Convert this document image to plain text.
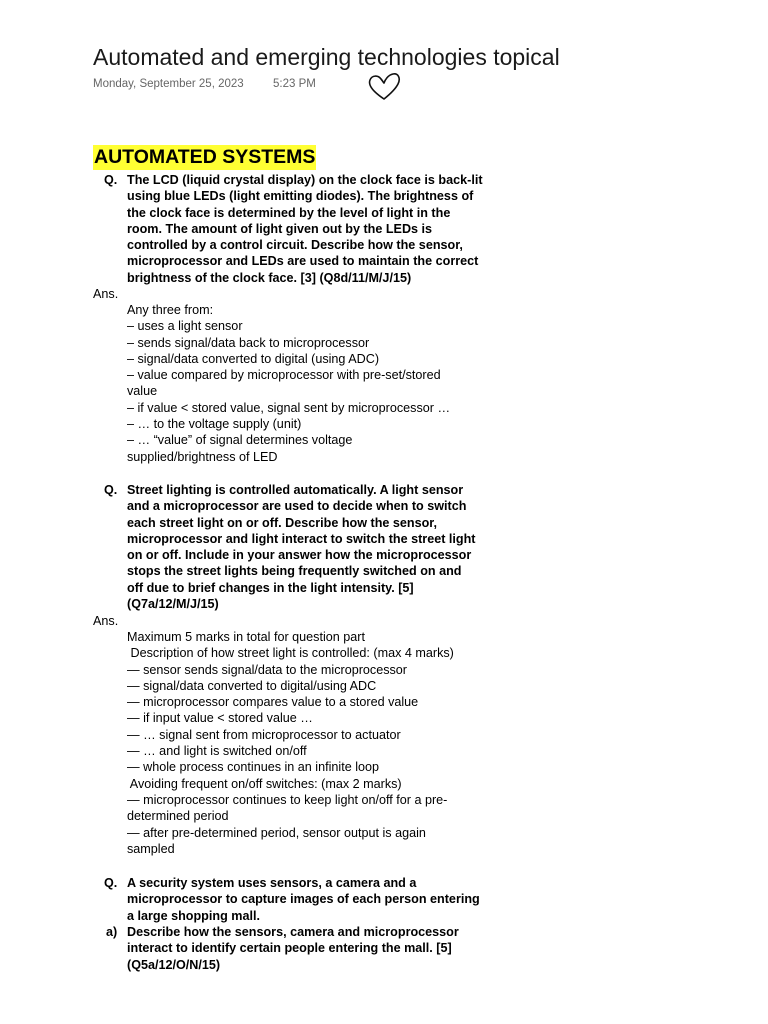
Automated and emerging technologies topical
Monday, September 25, 2023	5:23 PM
AUTOMATED SYSTEMS
Q. The LCD (liquid crystal display) on the clock face is back-lit
using blue LEDs (light emitting diodes). The brightness of
the clock face is determined by the level of light in the
room. The amount of light given out by the LEDs is
controlled by a control circuit. Describe how the sensor,
microprocessor and LEDs are used to maintain the correct
brightness of the clock face. [3] (Q8d/11/M/J/15)
Ans.
Any three from:
– uses a light sensor
– sends signal/data back to microprocessor
– signal/data converted to digital (using ADC)
– value compared by microprocessor with pre-set/stored
value
– if value < stored value, signal sent by microprocessor …
– … to the voltage supply (unit)
– … “value” of signal determines voltage
supplied/brightness of LED
Q. Street lighting is controlled automatically. A light sensor
and a microprocessor are used to decide when to switch
each street light on or off. Describe how the sensor,
microprocessor and light interact to switch the street light
on or off. Include in your answer how the microprocessor
stops the street lights being frequently switched on and
off due to brief changes in the light intensity. [5]
(Q7a/12/M/J/15)
Ans.
Maximum 5 marks in total for question part
Description of how street light is controlled: (max 4 marks)
— sensor sends signal/data to the microprocessor
— signal/data converted to digital/using ADC
— microprocessor compares value to a stored value
— if input value < stored value …
— … signal sent from microprocessor to actuator
— … and light is switched on/off
— whole process continues in an infinite loop
Avoiding frequent on/off switches: (max 2 marks)
— microprocessor continues to keep light on/off for a pre-
determined period
— after pre-determined period, sensor output is again
sampled
Q. A security system uses sensors, a camera and a
microprocessor to capture images of each person entering
a large shopping mall.
a) Describe how the sensors, camera and microprocessor
interact to identify certain people entering the mall. [5]
(Q5a/12/O/N/15)
